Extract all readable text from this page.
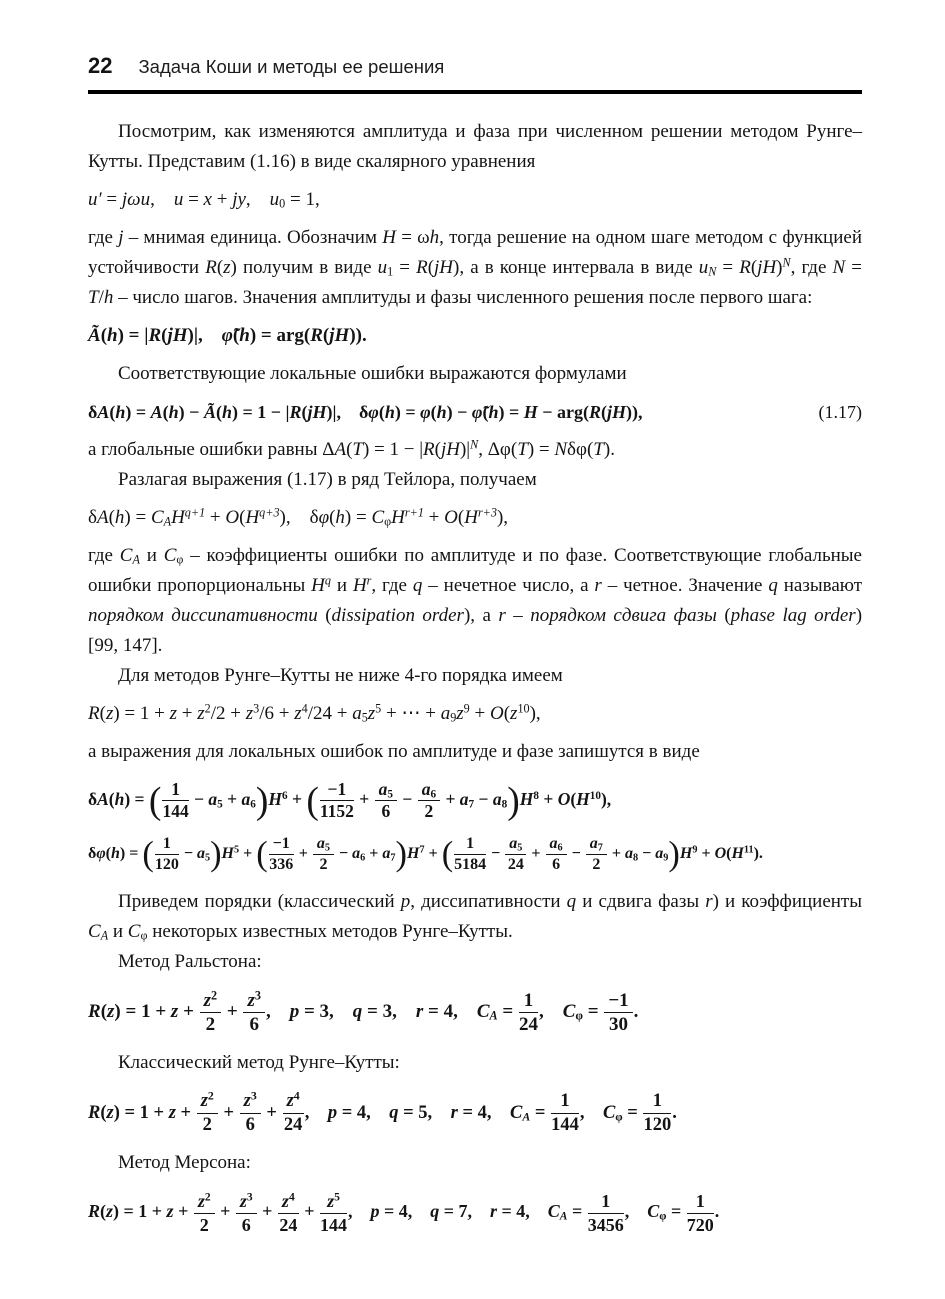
22 Задача Коши и методы ее решения

Посмотрим, как изменяются амплитуда и фаза при численном решении методом Рунге–Кутты. Представим (1.16) в виде скалярного уравнения

u′ = jωu,  u = x + jy,  $u_0 = 1$,

где j – мнимая единица. Обозначим H = ωh, тогда решение на одном шаге методом с функцией устойчивости R(z) получим в виде $u_1 = R(jH)$, а в конце интервала в виде $u_N = R(jH)^N$, где N = T/h – число шагов. Значения амплитуды и фазы численного решения после первого шага:

Ã(h) = |R(jH)|,  φ̃(h) = arg(R(jH)).

Соответствующие локальные ошибки выражаются формулами

δA(h) = A(h) − Ã(h) = 1 − |R(jH)|,  δφ(h) = φ(h) − φ̃(h) = H − arg(R(jH)),	(1.17)

а глобальные ошибки равны $\Delta A(T) = 1 - |R(jH)|^N$, Δφ(T) = Nδφ(T).

Разлагая выражения (1.17) в ряд Тейлора, получаем

$\delta A(h) = C_AH^{q+1} + O(H^{q+3})$,  $\delta\varphi(h) = C_\varphi H^{r+1} + O(H^{r+3})$,

где $C_A$ и $C_\varphi$ – коэффициенты ошибки по амплитуде и по фазе. Соответствующие глобальные ошибки пропорциональны $H^q$ и $H^r$, где q – нечетное число, а r – четное. Значение q называют порядком диссипативности (dissipation order), а r – порядком сдвига фазы (phase lag order) [99, 147].

Для методов Рунге–Кутты не ниже 4-го порядка имеем

$R(z) = 1 + z + z^2/2 + z^3/6 + z^4/24 + a_5z^5$ + ⋯ + $a_9z^9 + O(z^{10})$,

а выражения для локальных ошибок по амплитуде и фазе запишутся в виде

δA(h) = ( $\frac{1}{144} - a_5 + a_6)H^6$ + ( $\frac{-1}{1152} + \frac{a_5}{6} - \frac{a_6}{2} + a_7 - a_8)H^8 + O(H^{10})$,
δφ(h) = ( $\frac{1}{120} - a_5)H^5$ + ( $\frac{-1}{336} + \frac{a_5}{2} - a_6 + a_7)H^7$ + ( $\frac{1}{5184} - \frac{a_5}{24} + \frac{a_6}{6} - \frac{a_7}{2} + a_8 - a_9)H^9 + O(H^{11})$.

Приведем порядки (классический p, диссипативности q и сдвига фазы r) и коэффициенты $C_A$ и $C_\varphi$ некоторых известных методов Рунге–Кутты.

Метод Ральстона:

$R(z) = 1 + z + \frac{z^2}{2} + \frac{z^3}{6}$ ,  p = 3,  q = 3,  r = 4,  $C_A = \frac{1}{24}$ ,  $C_\varphi = \frac{-1}{30}$ .

Классический метод Рунге–Кутты:

$R(z) = 1 + z + \frac{z^2}{2} + \frac{z^3}{6} + \frac{z^4}{24}$ ,  p = 4,  q = 5,  r = 4,  $C_A = \frac{1}{144}$ ,  $C_\varphi = \frac{1}{120}$ .

Метод Мерсона:

$R(z) = 1 + z + \frac{z^2}{2} + \frac{z^3}{6} + \frac{z^4}{24} + \frac{z^5}{144}$ ,  p = 4,  q = 7,  r = 4,  $C_A = \frac{1}{3456}$ ,  $C_\varphi = \frac{1}{720}$ .
